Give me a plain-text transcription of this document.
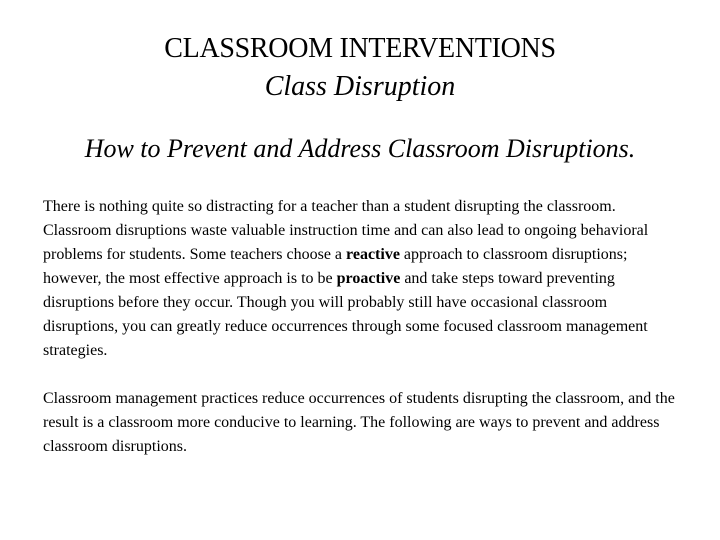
CLASSROOM INTERVENTIONS
Class Disruption
How to Prevent and Address Classroom Disruptions.

There is nothing quite so distracting for a teacher than a student disrupting the classroom. Classroom disruptions waste valuable instruction time and can also lead to ongoing behavioral problems for students. Some teachers choose a reactive approach to classroom disruptions; however, the most effective approach is to be proactive and take steps toward preventing disruptions before they occur. Though you will probably still have occasional classroom disruptions, you can greatly reduce occurrences through some focused classroom management strategies.

Classroom management practices reduce occurrences of students disrupting the classroom, and the result is a classroom more conducive to learning. The following are ways to prevent and address classroom disruptions.
